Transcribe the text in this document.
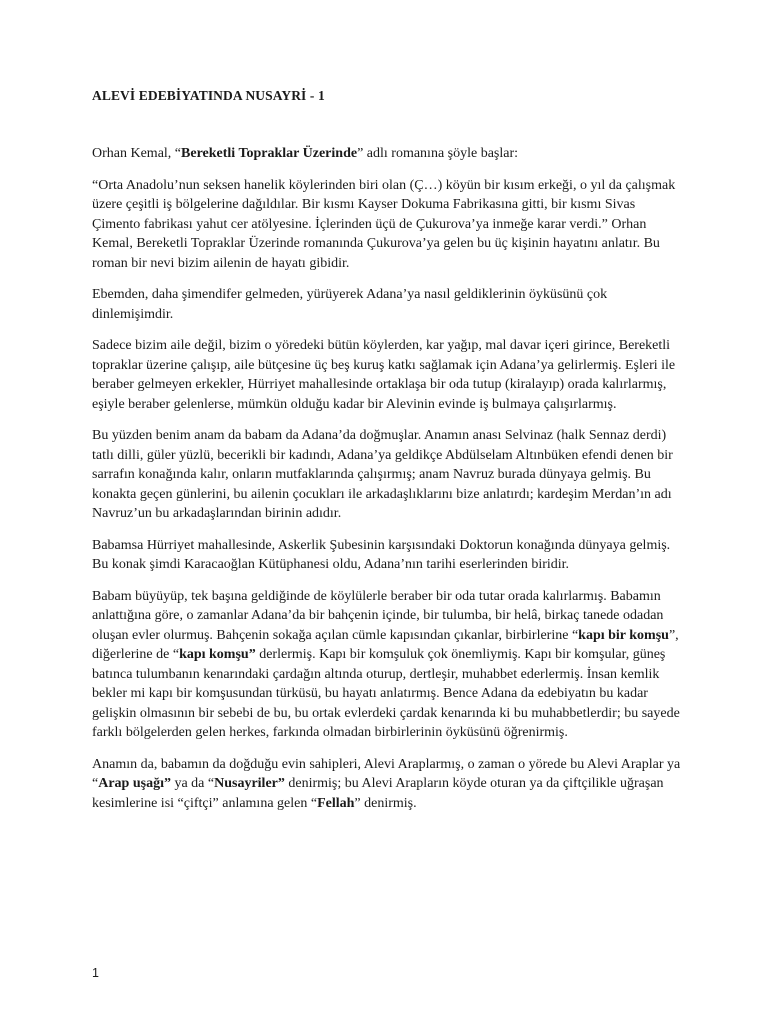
ALEVİ EDEBİYATINDA NUSAYRİ - 1

Orhan Kemal, “Bereketli Topraklar Üzerinde” adlı romanına şöyle başlar:

“Orta Anadolu’nun seksen hanelik köylerinden biri olan (Ç…) köyün bir kısım erkeği, o yıl da çalışmak üzere çeşitli iş bölgelerine dağıldılar. Bir kısmı Kayser Dokuma Fabrikasına gitti, bir kısmı Sivas Çimento fabrikası yahut cer atölyesine. İçlerinden üçü de Çukurova’ya inmeğe karar verdi.” Orhan Kemal, Bereketli Topraklar Üzerinde romanında Çukurova’ya gelen bu üç kişinin hayatını anlatır. Bu roman bir nevi bizim ailenin de hayatı gibidir.

Ebemden, daha şimendifer gelmeden, yürüyerek Adana’ya nasıl geldiklerinin öyküsünü çok dinlemişimdir.

Sadece bizim aile değil, bizim o yöredeki bütün köylerden, kar yağıp, mal davar içeri girince, Bereketli topraklar üzerine çalışıp, aile bütçesine üç beş kuruş katkı sağlamak için Adana’ya gelirlermiş. Eşleri ile beraber gelmeyen erkekler, Hürriyet mahallesinde ortaklaşa bir oda tutup (kiralayıp) orada kalırlarmış, eşiyle beraber gelenlerse, mümkün olduğu kadar bir Alevinin evinde iş bulmaya çalışırlarmış.

Bu yüzden benim anam da babam da Adana’da doğmuşlar. Anamın anası Selvinaz (halk Sennaz derdi) tatlı dilli, güler yüzlü, becerikli bir kadındı, Adana’ya geldikçe Abdülselam Altınbüken efendi denen bir sarrafın konağında kalır, onların mutfaklarında çalışırmış; anam Navruz burada dünyaya gelmiş. Bu konakta geçen günlerini, bu ailenin çocukları ile arkadaşlıklarını bize anlatırdı; kardeşim Merdan’ın adı Navruz’un bu arkadaşlarından birinin adıdır.

Babamsa Hürriyet mahallesinde, Askerlik Şubesinin karşısındaki Doktorun konağında dünyaya gelmiş. Bu konak şimdi Karacaoğlan Kütüphanesi oldu, Adana’nın tarihi eserlerinden biridir.

Babam büyüyüp, tek başına geldiğinde de köylülerle beraber bir oda tutar orada kalırlarmış. Babamın anlattığına göre, o zamanlar Adana’da bir bahçenin içinde, bir tulumba, bir helâ, birkaç tanede odadan oluşan evler olurmuş. Bahçenin sokağa açılan cümle kapısından çıkanlar, birbirlerine “kapı bir komşu”, diğerlerine de “kapı komşu” derlermiş. Kapı bir komşuluk çok önemliymiş. Kapı bir komşular, güneş batınca tulumbanın kenarındaki çardağın altında oturup, dertleşir, muhabbet ederlermiş. İnsan kemlik bekler mi kapı bir komşusundan türküsü, bu hayatı anlatırmış. Bence Adana da edebiyatın bu kadar gelişkin olmasının bir sebebi de bu, bu ortak evlerdeki çardak kenarında ki bu muhabbetlerdir; bu sayede farklı bölgelerden gelen herkes, farkında olmadan birbirlerinin öyküsünü öğrenirmiş.

Anamın da, babamın da doğduğu evin sahipleri, Alevi Araplarmış, o zaman o yörede bu Alevi Araplar ya “Arap uşağı” ya da “Nusayriler” denirmiş; bu Alevi Arapların köyde oturan ya da çiftçilikle uğraşan kesimlerine isi “çiftçi” anlamına gelen “Fellah” denirmiş.

1
